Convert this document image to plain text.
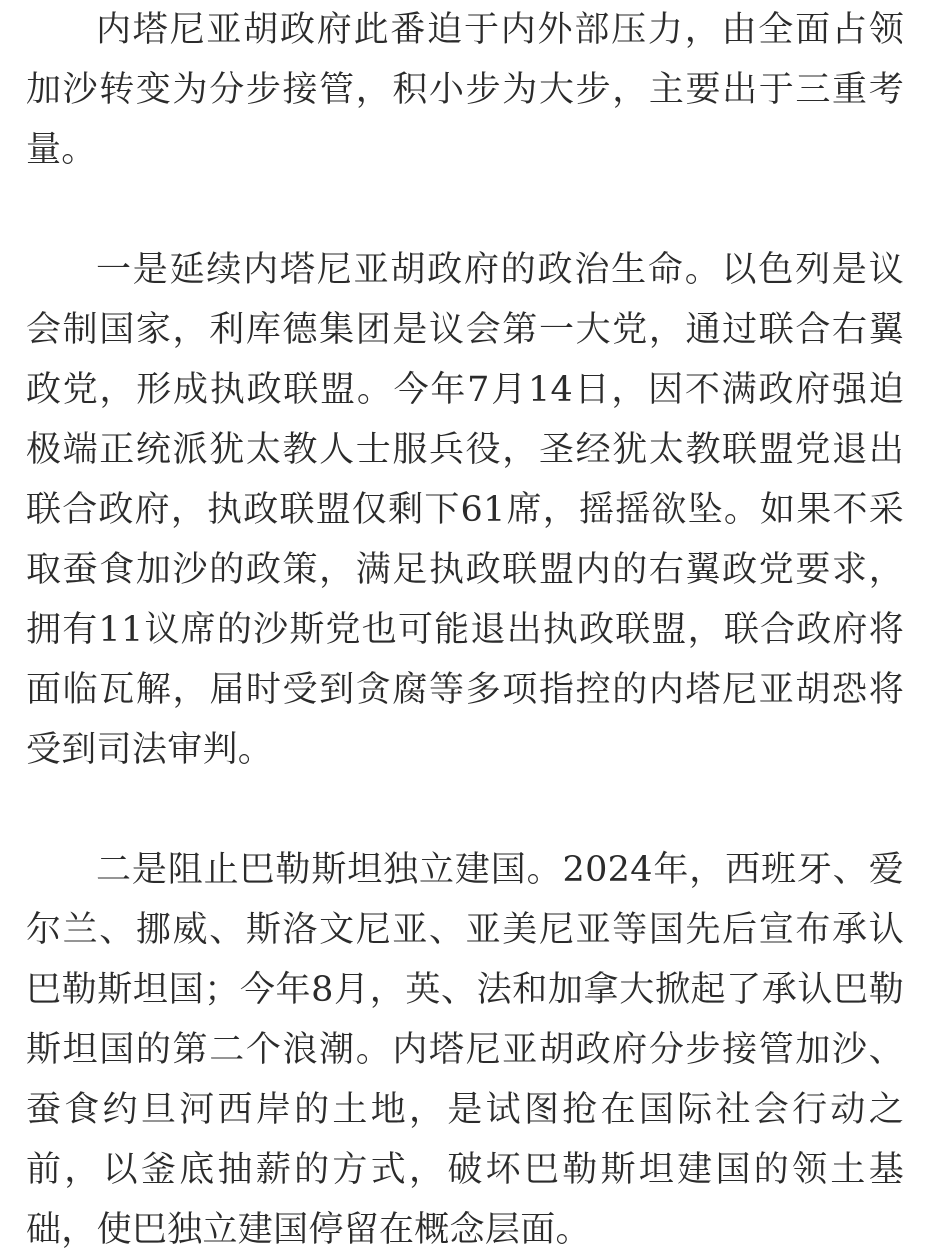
内塔尼亚胡政府此番迫于内外部压力，由全面占领加沙转变为分步接管，积小步为大步，主要出于三重考量。

一是延续内塔尼亚胡政府的政治生命。以色列是议会制国家，利库德集团是议会第一大党，通过联合右翼政党，形成执政联盟。今年7月14日，因不满政府强迫极端正统派犹太教人士服兵役，圣经犹太教联盟党退出联合政府，执政联盟仅剩下61席，摇摇欲坠。如果不采取蚕食加沙的政策，满足执政联盟内的右翼政党要求，拥有11议席的沙斯党也可能退出执政联盟，联合政府将面临瓦解，届时受到贪腐等多项指控的内塔尼亚胡恐将受到司法审判。

二是阻止巴勒斯坦独立建国。2024年，西班牙、爱尔兰、挪威、斯洛文尼亚、亚美尼亚等国先后宣布承认巴勒斯坦国；今年8月，英、法和加拿大掀起了承认巴勒斯坦国的第二个浪潮。内塔尼亚胡政府分步接管加沙、蚕食约旦河西岸的土地，是试图抢在国际社会行动之前，以釜底抽薪的方式，破坏巴勒斯坦建国的领土基础，使巴独立建国停留在概念层面。
